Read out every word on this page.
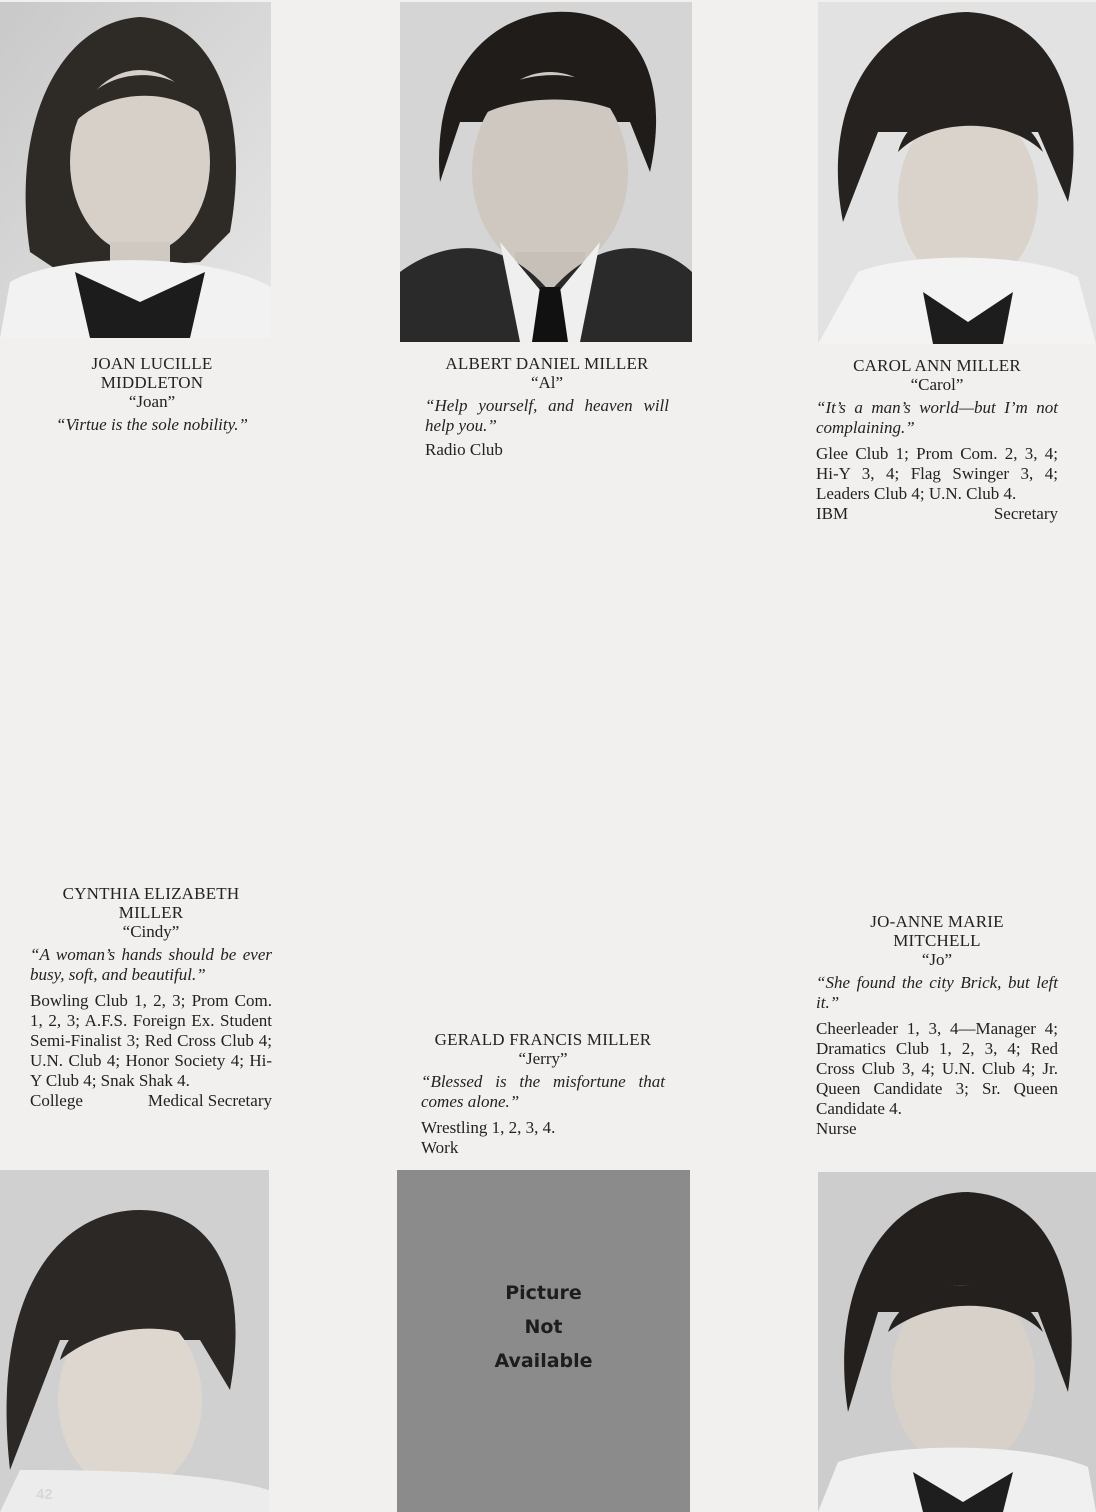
Picture
Not
Available
JOAN LUCILLE
MIDDLETON
“Joan”
“Virtue is the sole nobility.”
ALBERT DANIEL MILLER
“Al”
“Help yourself, and heaven will help you.”
Radio Club
CAROL ANN MILLER
“Carol”
“It’s a man’s world—but I’m not complaining.”
Glee Club 1; Prom Com. 2, 3, 4; Hi-Y 3, 4; Flag Swinger 3, 4; Leaders Club 4; U.N. Club 4.
IBM	Secretary
CYNTHIA ELIZABETH
MILLER
“Cindy”
“A woman’s hands should be ever busy, soft, and beautiful.”
Bowling Club 1, 2, 3; Prom Com. 1, 2, 3; A.F.S. Foreign Ex. Student Semi-Finalist 3; Red Cross Club 4; U.N. Club 4; Honor Society 4; Hi-Y Club 4; Snak Shak 4.
College	Medical Secretary
GERALD FRANCIS MILLER
“Jerry”
“Blessed is the misfortune that comes alone.”
Wrestling 1, 2, 3, 4.
Work
JO-ANNE MARIE
MITCHELL
“Jo”
“She found the city Brick, but left it.”
Cheerleader 1, 3, 4—Manager 4; Dramatics Club 1, 2, 3, 4; Red Cross Club 3, 4; U.N. Club 4; Jr. Queen Candidate 3; Sr. Queen Candidate 4.
Nurse
42
